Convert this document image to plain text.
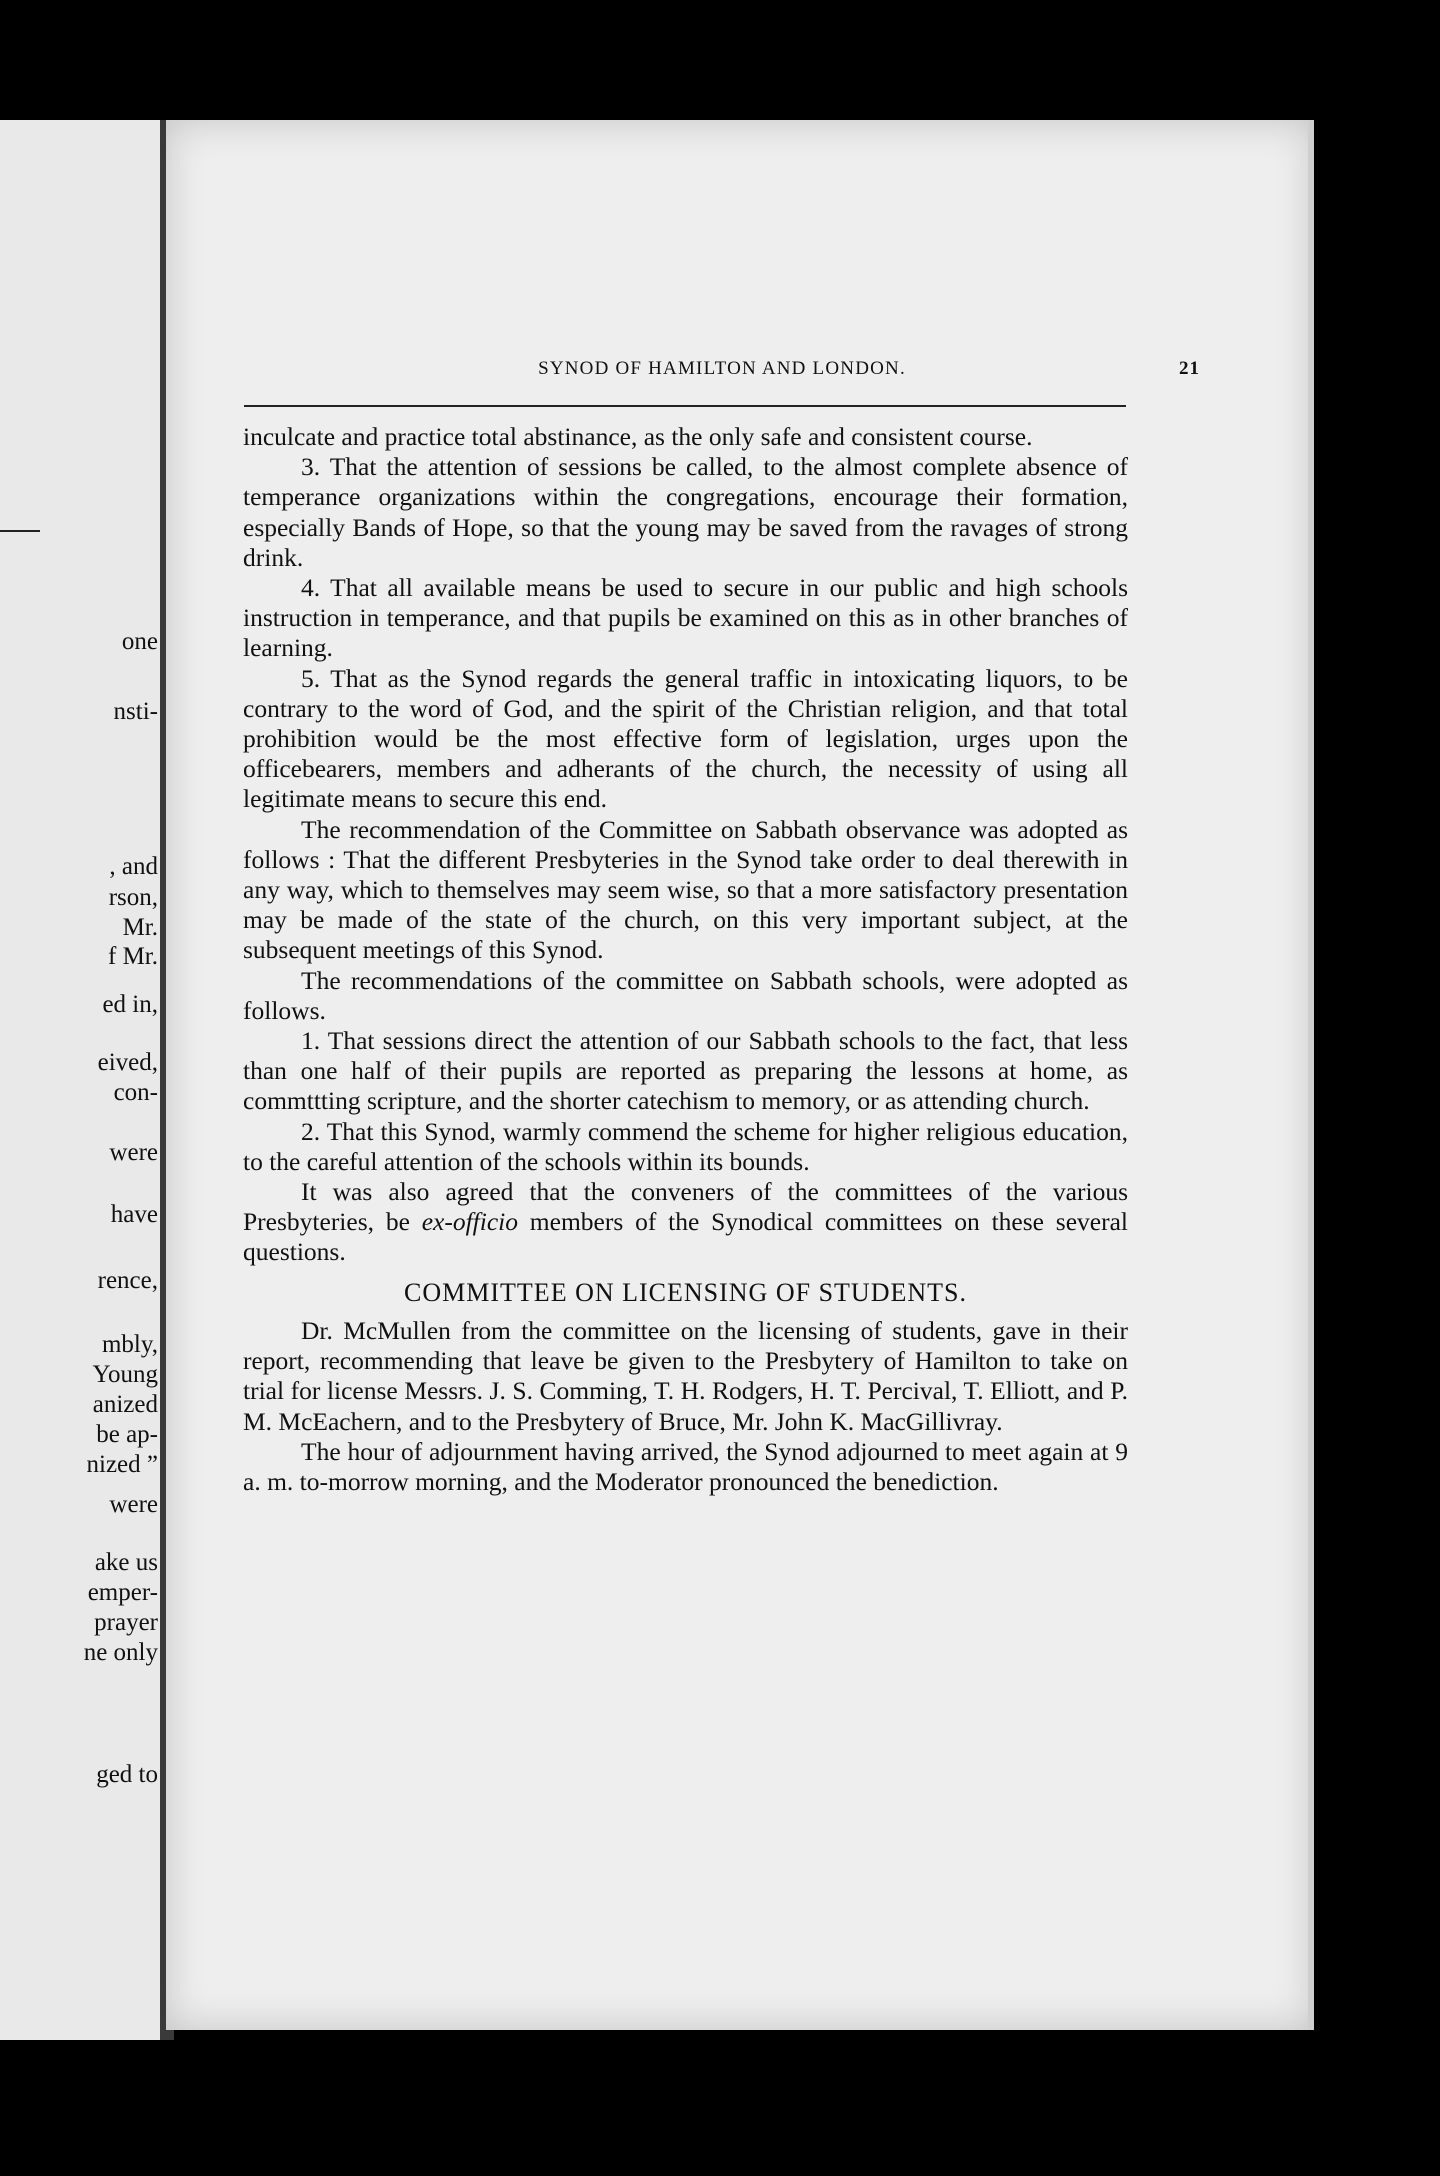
one

nsti-

, and

rson,

Mr.

f Mr.

ed in,

eived,

con-

were

have

rence,

mbly,

Young

anized

be ap-

nized ”

were

ake us

emper-

prayer

ne only

ged to

SYNOD OF HAMILTON AND LONDON.	21

inculcate and practice total abstinance, as the only safe and consistent course.

3. That the attention of sessions be called, to the almost complete absence of temperance organizations within the congregations, encourage their formation, especially Bands of Hope, so that the young may be saved from the ravages of strong drink.

4. That all available means be used to secure in our public and high schools instruction in temperance, and that pupils be examined on this as in other branches of learning.

5. That as the Synod regards the general traffic in intoxicating liquors, to be contrary to the word of God, and the spirit of the Christian religion, and that total prohibition would be the most effective form of legislation, urges upon the officebearers, members and adherants of the church, the necessity of using all legitimate means to secure this end.

The recommendation of the Committee on Sabbath observance was adopted as follows : That the different Presbyteries in the Synod take order to deal therewith in any way, which to themselves may seem wise, so that a more satisfactory presentation may be made of the state of the church, on this very important subject, at the subsequent meetings of this Synod.

The recommendations of the committee on Sabbath schools, were adopted as follows.

1. That sessions direct the attention of our Sabbath schools to the fact, that less than one half of their pupils are reported as preparing the lessons at home, as commttting scripture, and the shorter catechism to memory, or as attending church.

2. That this Synod, warmly commend the scheme for higher religious education, to the careful attention of the schools within its bounds.

It was also agreed that the conveners of the committees of the various Presbyteries, be ex-officio members of the Synodical committees on these several questions.

COMMITTEE ON LICENSING OF STUDENTS.

Dr. McMullen from the committee on the licensing of students, gave in their report, recommending that leave be given to the Presbytery of Hamilton to take on trial for license Messrs. J. S. Comming, T. H. Rodgers, H. T. Percival, T. Elliott, and P. M. McEachern, and to the Presbytery of Bruce, Mr. John K. MacGillivray.

The hour of adjournment having arrived, the Synod adjourned to meet again at 9 a. m. to-morrow morning, and the Moderator pronounced the benediction.
